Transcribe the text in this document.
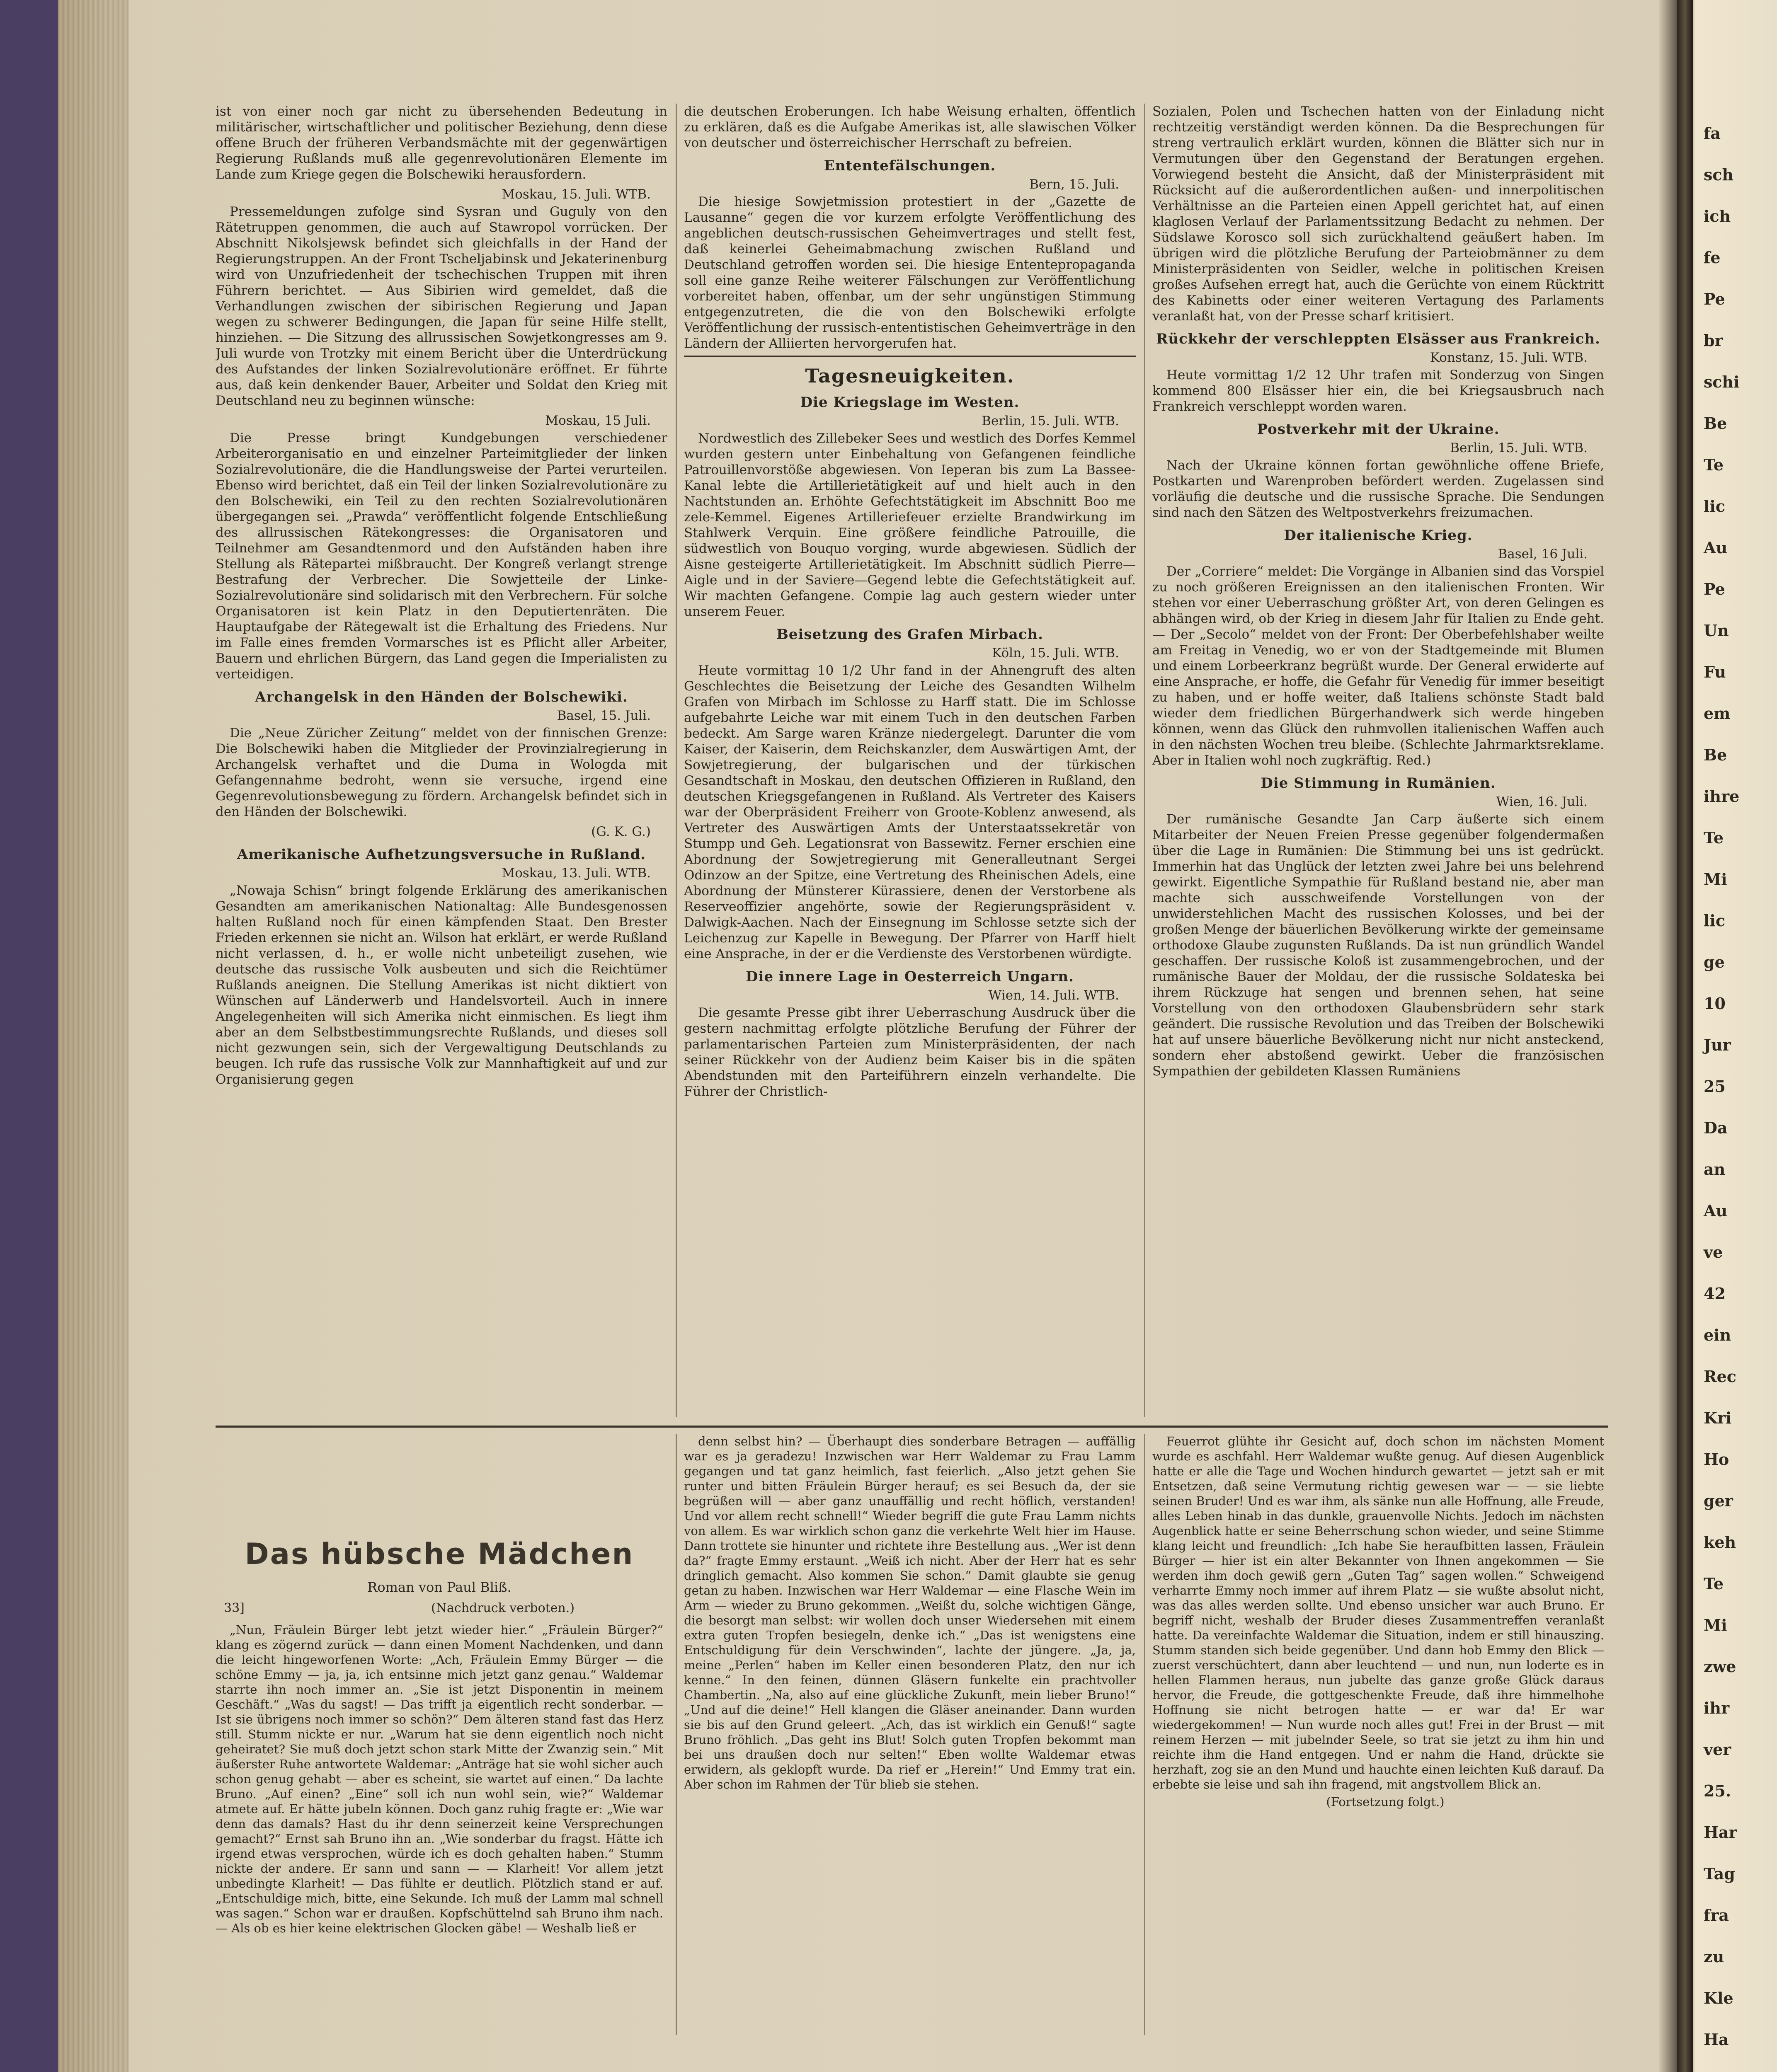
ist von einer noch gar nicht zu übersehenden Bedeutung in militärischer, wirtschaftlicher und politischer Beziehung, denn diese offene Bruch der früheren Verbandsmächte mit der gegenwärtigen Regierung Rußlands muß alle gegenrevolutionären Elemente im Lande zum Kriege gegen die Bolschewiki herausfordern.

Moskau, 15. Juli. WTB.

Pressemeldungen zufolge sind Sysran und Guguly von den Rätetruppen genommen, die auch auf Stawropol vorrücken. Der Abschnitt Nikolsjewsk befindet sich gleichfalls in der Hand der Regierungstruppen. An der Front Tscheljabinsk und Jekaterinenburg wird von Unzufriedenheit der tschechischen Truppen mit ihren Führern berichtet. — Aus Sibirien wird gemeldet, daß die Verhandlungen zwischen der sibirischen Regierung und Japan wegen zu schwerer Bedingungen, die Japan für seine Hilfe stellt, hinziehen. — Die Sitzung des allrussischen Sowjetkongresses am 9. Juli wurde von Trotzky mit einem Bericht über die Unterdrückung des Aufstandes der linken Sozialrevolutionäre eröffnet. Er führte aus, daß kein denkender Bauer, Arbeiter und Soldat den Krieg mit Deutschland neu zu beginnen wünsche:

Moskau, 15 Juli.

Die Presse bringt Kundgebungen verschiedener Arbeiterorganisatio en und einzelner Parteimitglieder der linken Sozialrevolutionäre, die die Handlungsweise der Partei verurteilen. Ebenso wird berichtet, daß ein Teil der linken Sozialrevolutionäre zu den Bolschewiki, ein Teil zu den rechten Sozialrevolutionären übergegangen sei. „Prawda“ veröffentlicht folgende Entschließung des allrussischen Rätekongresses: die Organisatoren und Teilnehmer am Gesandtenmord und den Aufständen haben ihre Stellung als Rätepartei mißbraucht. Der Kongreß verlangt strenge Bestrafung der Verbrecher. Die Sowjetteile der Linke-Sozialrevolutionäre sind solidarisch mit den Verbrechern. Für solche Organisatoren ist kein Platz in den Deputiertenräten. Die Hauptaufgabe der Rätegewalt ist die Erhaltung des Friedens. Nur im Falle eines fremden Vormarsches ist es Pflicht aller Arbeiter, Bauern und ehrlichen Bürgern, das Land gegen die Imperialisten zu verteidigen.

Archangelsk in den Händen der Bolschewiki.
Basel, 15. Juli.

Die „Neue Züricher Zeitung“ meldet von der finnischen Grenze: Die Bolschewiki haben die Mitglieder der Provinzialregierung in Archangelsk verhaftet und die Duma in Wologda mit Gefangennahme bedroht, wenn sie versuche, irgend eine Gegenrevolutionsbewegung zu fördern. Archangelsk befindet sich in den Händen der Bolschewiki.

(G. K. G.)
Amerikanische Aufhetzungsversuche in Rußland.
Moskau, 13. Juli. WTB.

„Nowaja Schisn“ bringt folgende Erklärung des amerikanischen Gesandten am amerikanischen Nationaltag: Alle Bundesgenossen halten Rußland noch für einen kämpfenden Staat. Den Brester Frieden erkennen sie nicht an. Wilson hat erklärt, er werde Rußland nicht verlassen, d. h., er wolle nicht unbeteiligt zusehen, wie deutsche das russische Volk ausbeuten und sich die Reichtümer Rußlands aneignen. Die Stellung Amerikas ist nicht diktiert von Wünschen auf Länderwerb und Handelsvorteil. Auch in innere Angelegenheiten will sich Amerika nicht einmischen. Es liegt ihm aber an dem Selbstbestimmungsrechte Rußlands, und dieses soll nicht gezwungen sein, sich der Vergewaltigung Deutschlands zu beugen. Ich rufe das russische Volk zur Mannhaftigkeit auf und zur Organisierung gegen

die deutschen Eroberungen. Ich habe Weisung erhalten, öffentlich zu erklären, daß es die Aufgabe Amerikas ist, alle slawischen Völker von deutscher und österreichischer Herrschaft zu befreien.

Ententefälschungen.
Bern, 15. Juli.

Die hiesige Sowjetmission protestiert in der „Gazette de Lausanne“ gegen die vor kurzem erfolgte Veröffentlichung des angeblichen deutsch-russischen Geheimvertrages und stellt fest, daß keinerlei Geheimabmachung zwischen Rußland und Deutschland getroffen worden sei. Die hiesige Ententepropaganda soll eine ganze Reihe weiterer Fälschungen zur Veröffentlichung vorbereitet haben, offenbar, um der sehr ungünstigen Stimmung entgegenzutreten, die die von den Bolschewiki erfolgte Veröffentlichung der russisch-ententistischen Geheimverträge in den Ländern der Alliierten hervorgerufen hat.

Tagesneuigkeiten.
Die Kriegslage im Westen.
Berlin, 15. Juli. WTB.

Nordwestlich des Zillebeker Sees und westlich des Dorfes Kemmel wurden gestern unter Einbehaltung von Gefangenen feindliche Patrouillenvorstöße abgewiesen. Von Ieperan bis zum La Bassee-Kanal lebte die Artillerietätigkeit auf und hielt auch in den Nachtstunden an. Erhöhte Gefechtstätigkeit im Abschnitt Boo me zele-Kemmel. Eigenes Artilleriefeuer erzielte Brandwirkung im Stahlwerk Verquin. Eine größere feindliche Patrouille, die südwestlich von Bouquo vorging, wurde abgewiesen. Südlich der Aisne gesteigerte Artillerietätigkeit. Im Abschnitt südlich Pierre—Aigle und in der Saviere—Gegend lebte die Gefechtstätigkeit auf. Wir machten Gefangene. Compie lag auch gestern wieder unter unserem Feuer.

Beisetzung des Grafen Mirbach.
Köln, 15. Juli. WTB.

Heute vormittag 10 1/2 Uhr fand in der Ahnengruft des alten Geschlechtes die Beisetzung der Leiche des Gesandten Wilhelm Grafen von Mirbach im Schlosse zu Harff statt. Die im Schlosse aufgebahrte Leiche war mit einem Tuch in den deutschen Farben bedeckt. Am Sarge waren Kränze niedergelegt. Darunter die vom Kaiser, der Kaiserin, dem Reichskanzler, dem Auswärtigen Amt, der Sowjetregierung, der bulgarischen und der türkischen Gesandtschaft in Moskau, den deutschen Offizieren in Rußland, den deutschen Kriegsgefangenen in Rußland. Als Vertreter des Kaisers war der Oberpräsident Freiherr von Groote-Koblenz anwesend, als Vertreter des Auswärtigen Amts der Unterstaatssekretär von Stumpp und Geh. Legationsrat von Bassewitz. Ferner erschien eine Abordnung der Sowjetregierung mit Generalleutnant Sergei Odinzow an der Spitze, eine Vertretung des Rheinischen Adels, eine Abordnung der Münsterer Kürassiere, denen der Verstorbene als Reserveoffizier angehörte, sowie der Regierungspräsident v. Dalwigk-Aachen. Nach der Einsegnung im Schlosse setzte sich der Leichenzug zur Kapelle in Bewegung. Der Pfarrer von Harff hielt eine Ansprache, in der er die Verdienste des Verstorbenen würdigte.

Die innere Lage in Oesterreich Ungarn.
Wien, 14. Juli. WTB.

Die gesamte Presse gibt ihrer Ueberraschung Ausdruck über die gestern nachmittag erfolgte plötzliche Berufung der Führer der parlamentarischen Parteien zum Ministerpräsidenten, der nach seiner Rückkehr von der Audienz beim Kaiser bis in die späten Abendstunden mit den Parteiführern einzeln verhandelte. Die Führer der Christlich-

Sozialen, Polen und Tschechen hatten von der Einladung nicht rechtzeitig verständigt werden können. Da die Besprechungen für streng vertraulich erklärt wurden, können die Blätter sich nur in Vermutungen über den Gegenstand der Beratungen ergehen. Vorwiegend besteht die Ansicht, daß der Ministerpräsident mit Rücksicht auf die außerordentlichen außen- und innerpolitischen Verhältnisse an die Parteien einen Appell gerichtet hat, auf einen klaglosen Verlauf der Parlamentssitzung Bedacht zu nehmen. Der Südslawe Korosco soll sich zurückhaltend geäußert haben. Im übrigen wird die plötzliche Berufung der Parteiobmänner zu dem Ministerpräsidenten von Seidler, welche in politischen Kreisen großes Aufsehen erregt hat, auch die Gerüchte von einem Rücktritt des Kabinetts oder einer weiteren Vertagung des Parlaments veranlaßt hat, von der Presse scharf kritisiert.

Rückkehr der verschleppten Elsässer aus Frankreich.
Konstanz, 15. Juli. WTB.

Heute vormittag 1/2 12 Uhr trafen mit Sonderzug von Singen kommend 800 Elsässer hier ein, die bei Kriegsausbruch nach Frankreich verschleppt worden waren.

Postverkehr mit der Ukraine.
Berlin, 15. Juli. WTB.

Nach der Ukraine können fortan gewöhnliche offene Briefe, Postkarten und Warenproben befördert werden. Zugelassen sind vorläufig die deutsche und die russische Sprache. Die Sendungen sind nach den Sätzen des Weltpostverkehrs freizumachen.

Der italienische Krieg.
Basel, 16 Juli.

Der „Corriere“ meldet: Die Vorgänge in Albanien sind das Vorspiel zu noch größeren Ereignissen an den italienischen Fronten. Wir stehen vor einer Ueberraschung größter Art, von deren Gelingen es abhängen wird, ob der Krieg in diesem Jahr für Italien zu Ende geht. — Der „Secolo“ meldet von der Front: Der Oberbefehlshaber weilte am Freitag in Venedig, wo er von der Stadtgemeinde mit Blumen und einem Lorbeerkranz begrüßt wurde. Der General erwiderte auf eine Ansprache, er hoffe, die Gefahr für Venedig für immer beseitigt zu haben, und er hoffe weiter, daß Italiens schönste Stadt bald wieder dem friedlichen Bürgerhandwerk sich werde hingeben können, wenn das Glück den ruhmvollen italienischen Waffen auch in den nächsten Wochen treu bleibe. (Schlechte Jahrmarktsreklame. Aber in Italien wohl noch zugkräftig. Red.)

Die Stimmung in Rumänien.
Wien, 16. Juli.

Der rumänische Gesandte Jan Carp äußerte sich einem Mitarbeiter der Neuen Freien Presse gegenüber folgendermaßen über die Lage in Rumänien: Die Stimmung bei uns ist gedrückt. Immerhin hat das Unglück der letzten zwei Jahre bei uns belehrend gewirkt. Eigentliche Sympathie für Rußland bestand nie, aber man machte sich ausschweifende Vorstellungen von der unwiderstehlichen Macht des russischen Kolosses, und bei der großen Menge der bäuerlichen Bevölkerung wirkte der gemeinsame orthodoxe Glaube zugunsten Rußlands. Da ist nun gründlich Wandel geschaffen. Der russische Koloß ist zusammengebrochen, und der rumänische Bauer der Moldau, der die russische Soldateska bei ihrem Rückzuge hat sengen und brennen sehen, hat seine Vorstellung von den orthodoxen Glaubensbrüdern sehr stark geändert. Die russische Revolution und das Treiben der Bolschewiki hat auf unsere bäuerliche Bevölkerung nicht nur nicht ansteckend, sondern eher abstoßend gewirkt. Ueber die französischen Sympathien der gebildeten Klassen Rumäniens

Das hübsche Mädchen
Roman von Paul Bliß.
33]	(Nachdruck verboten.)

„Nun, Fräulein Bürger lebt jetzt wieder hier.“ „Fräulein Bürger?“ klang es zögernd zurück — dann einen Moment Nachdenken, und dann die leicht hingeworfenen Worte: „Ach, Fräulein Emmy Bürger — die schöne Emmy — ja, ja, ich entsinne mich jetzt ganz genau.“ Waldemar starrte ihn noch immer an. „Sie ist jetzt Disponentin in meinem Geschäft.“ „Was du sagst! — Das trifft ja eigentlich recht sonderbar. — Ist sie übrigens noch immer so schön?“ Dem älteren stand fast das Herz still. Stumm nickte er nur. „Warum hat sie denn eigentlich noch nicht geheiratet? Sie muß doch jetzt schon stark Mitte der Zwanzig sein.“ Mit äußerster Ruhe antwortete Waldemar: „Anträge hat sie wohl sicher auch schon genug gehabt — aber es scheint, sie wartet auf einen.“ Da lachte Bruno. „Auf einen? „Eine“ soll ich nun wohl sein, wie?“ Waldemar atmete auf. Er hätte jubeln können. Doch ganz ruhig fragte er: „Wie war denn das damals? Hast du ihr denn seinerzeit keine Versprechungen gemacht?“ Ernst sah Bruno ihn an. „Wie sonderbar du fragst. Hätte ich irgend etwas versprochen, würde ich es doch gehalten haben.“ Stumm nickte der andere. Er sann und sann — — Klarheit! Vor allem jetzt unbedingte Klarheit! — Das fühlte er deutlich. Plötzlich stand er auf. „Entschuldige mich, bitte, eine Sekunde. Ich muß der Lamm mal schnell was sagen.“ Schon war er draußen. Kopfschüttelnd sah Bruno ihm nach. — Als ob es hier keine elektrischen Glocken gäbe! — Weshalb ließ er

denn selbst hin? — Überhaupt dies sonderbare Betragen — auffällig war es ja geradezu! Inzwischen war Herr Waldemar zu Frau Lamm gegangen und tat ganz heimlich, fast feierlich. „Also jetzt gehen Sie runter und bitten Fräulein Bürger herauf; es sei Besuch da, der sie begrüßen will — aber ganz unauffällig und recht höflich, verstanden! Und vor allem recht schnell!“ Wieder begriff die gute Frau Lamm nichts von allem. Es war wirklich schon ganz die verkehrte Welt hier im Hause. Dann trottete sie hinunter und richtete ihre Bestellung aus. „Wer ist denn da?“ fragte Emmy erstaunt. „Weiß ich nicht. Aber der Herr hat es sehr dringlich gemacht. Also kommen Sie schon.“ Damit glaubte sie genug getan zu haben. Inzwischen war Herr Waldemar — eine Flasche Wein im Arm — wieder zu Bruno gekommen. „Weißt du, solche wichtigen Gänge, die besorgt man selbst: wir wollen doch unser Wiedersehen mit einem extra guten Tropfen besiegeln, denke ich.“ „Das ist wenigstens eine Entschuldigung für dein Verschwinden“, lachte der jüngere. „Ja, ja, meine „Perlen“ haben im Keller einen besonderen Platz, den nur ich kenne.“ In den feinen, dünnen Gläsern funkelte ein prachtvoller Chambertin. „Na, also auf eine glückliche Zukunft, mein lieber Bruno!“ „Und auf die deine!“ Hell klangen die Gläser aneinander. Dann wurden sie bis auf den Grund geleert. „Ach, das ist wirklich ein Genuß!“ sagte Bruno fröhlich. „Das geht ins Blut! Solch guten Tropfen bekommt man bei uns draußen doch nur selten!“ Eben wollte Waldemar etwas erwidern, als geklopft wurde. Da rief er „Herein!“ Und Emmy trat ein. Aber schon im Rahmen der Tür blieb sie stehen.

Feuerrot glühte ihr Gesicht auf, doch schon im nächsten Moment wurde es aschfahl. Herr Waldemar wußte genug. Auf diesen Augenblick hatte er alle die Tage und Wochen hindurch gewartet — jetzt sah er mit Entsetzen, daß seine Vermutung richtig gewesen war — — sie liebte seinen Bruder! Und es war ihm, als sänke nun alle Hoffnung, alle Freude, alles Leben hinab in das dunkle, grauenvolle Nichts. Jedoch im nächsten Augenblick hatte er seine Beherrschung schon wieder, und seine Stimme klang leicht und freundlich: „Ich habe Sie heraufbitten lassen, Fräulein Bürger — hier ist ein alter Bekannter von Ihnen angekommen — Sie werden ihm doch gewiß gern „Guten Tag“ sagen wollen.“ Schweigend verharrte Emmy noch immer auf ihrem Platz — sie wußte absolut nicht, was das alles werden sollte. Und ebenso unsicher war auch Bruno. Er begriff nicht, weshalb der Bruder dieses Zusammentreffen veranlaßt hatte. Da vereinfachte Waldemar die Situation, indem er still hinauszing. Stumm standen sich beide gegenüber. Und dann hob Emmy den Blick — zuerst verschüchtert, dann aber leuchtend — und nun, nun loderte es in hellen Flammen heraus, nun jubelte das ganze große Glück daraus hervor, die Freude, die gottgeschenkte Freude, daß ihre himmelhohe Hoffnung sie nicht betrogen hatte — er war da! Er war wiedergekommen! — Nun wurde noch alles gut! Frei in der Brust — mit reinem Herzen — mit jubelnder Seele, so trat sie jetzt zu ihm hin und reichte ihm die Hand entgegen. Und er nahm die Hand, drückte sie herzhaft, zog sie an den Mund und hauchte einen leichten Kuß darauf. Da erbebte sie leise und sah ihn fragend, mit angstvollem Blick an.

(Fortsetzung folgt.)

fa
sch
ich
fe
Pe
br
schi
Be
Te
lic
Au
Pe
Un
Fu
em
Be
ihre
Te
Mi
lic
ge
10
Jur
25
Da
an
Au
ve
42
ein
Rec
Kri
Ho
ger
keh
Te
Mi
zwe
ihr
ver
25.
Har
Tag
fra
zu
Kle
Ha
